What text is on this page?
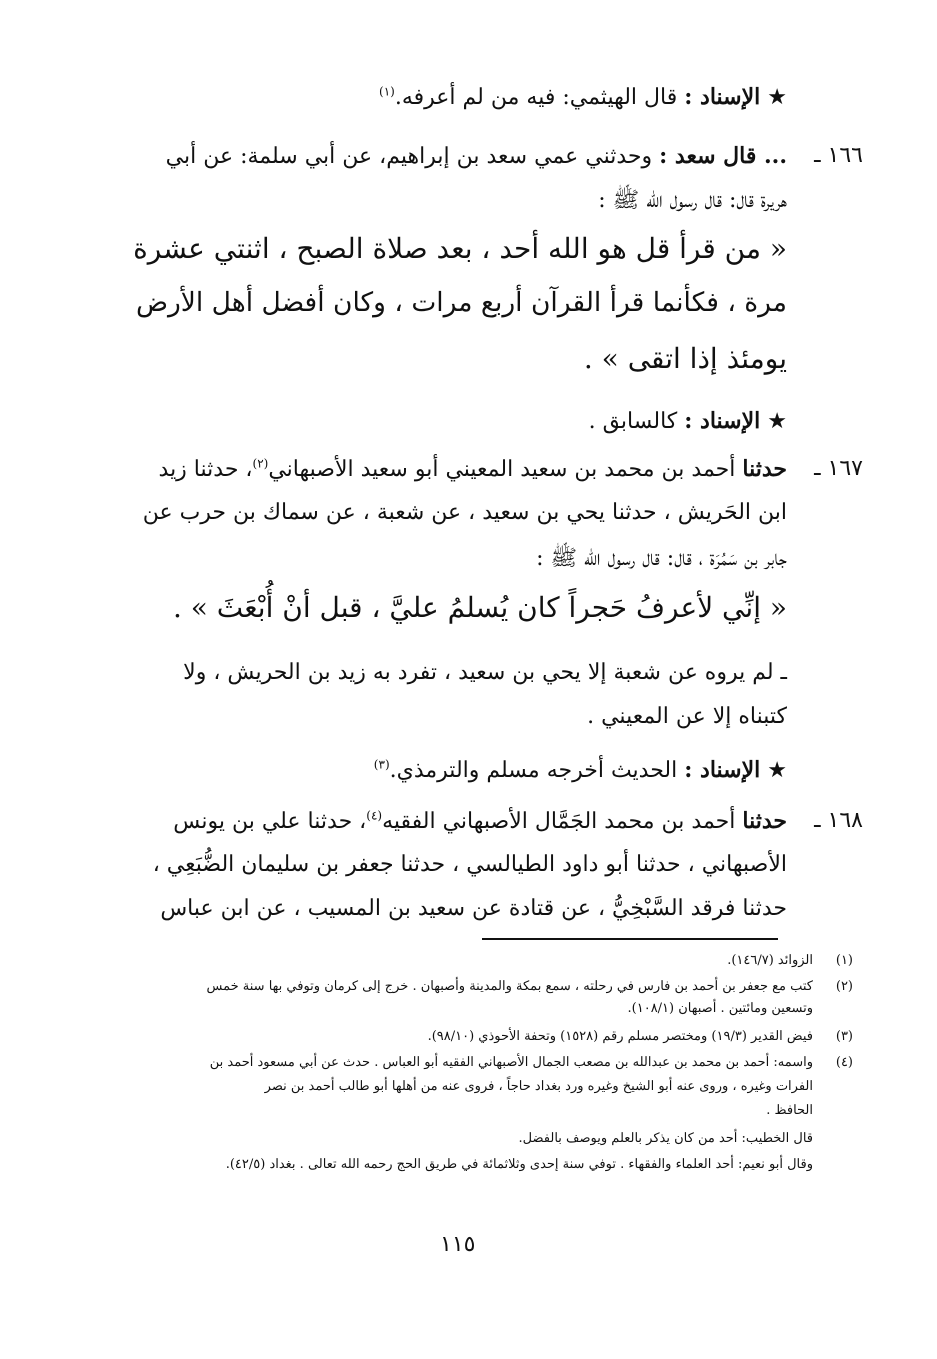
★ الإسناد : قال الهيثمي: فيه من لم أعرفه.$^{(١)}$
١٦٦ ـ
... قال سعد : وحدثني عمي سعد بن إبراهيم، عن أبي سلمة: عن أبي
هريرة قال: قال رسول الله ﷺ :
« من قرأ قل هو الله أحد ، بعد صلاة الصبح ، اثنتي عشرة
مرة ، فكأنما قرأ القرآن أربع مرات ، وكان أفضل أهل الأرض
يومئذ إذا اتقى » .
★ الإسناد : كالسابق .
١٦٧ ـ
حدثنا أحمد بن محمد بن سعيد المعيني أبو سعيد الأصبهاني$^{(٢)}$، حدثنا زيد
ابن الحَريش ، حدثنا يحي بن سعيد ، عن شعبة ، عن سماك بن حرب عن
جابر بن سَمُرَة ، قال: قال رسول الله ﷺ :
« إنِّي لأعرفُ حَجراً كان يُسلمُ عليَّ ، قبل أنْ أُبْعَثَ » .
ـ لم يروه عن شعبة إلا يحي بن سعيد ، تفرد به زيد بن الحريش ، ولا
كتبناه إلا عن المعيني .
★ الإسناد : الحديث أخرجه مسلم والترمذي.$^{(٣)}$
١٦٨ ـ
حدثنا أحمد بن محمد الجَمَّال الأصبهاني الفقيه$^{(٤)}$، حدثنا علي بن يونس
الأصبهاني ، حدثنا أبو داود الطيالسي ، حدثنا جعفر بن سليمان الضُّبَعِي ،
حدثنا فرقد السَّبْخِيُّ ، عن قتادة عن سعيد بن المسيب ، عن ابن عباس
(١)
الزوائد (١٤٦/٧).
(٢)
كتب مع جعفر بن أحمد بن فارس في رحلته ، سمع بمكة والمدينة وأصبهان . خرج إلى كرمان وتوفي بها سنة خمس
وتسعين ومائتين . أصبهان (١٠٨/١).
(٣)
فيض القدير (١٩/٣) ومختصر مسلم رقم (١٥٢٨) وتحفة الأحوذي (٩٨/١٠).
(٤)
واسمه: أحمد بن محمد بن عبدالله بن مصعب الجمال الأصبهاني الفقيه أبو العباس . حدث عن أبي مسعود أحمد بن
الفرات وغيره ، وروى عنه أبو الشيخ وغيره ورد بغداد حاجاً ، فروى عنه من أهلها أبو طالب أحمد بن نصر
الحافظ .
قال الخطيب: أحد من كان يذكر بالعلم ويوصف بالفضل.
وقال أبو نعيم: أحد العلماء والفقهاء . توفي سنة إحدى وثلاثمائة في طريق الحج رحمه الله تعالى . بغداد (٤٢/٥).
١١٥
